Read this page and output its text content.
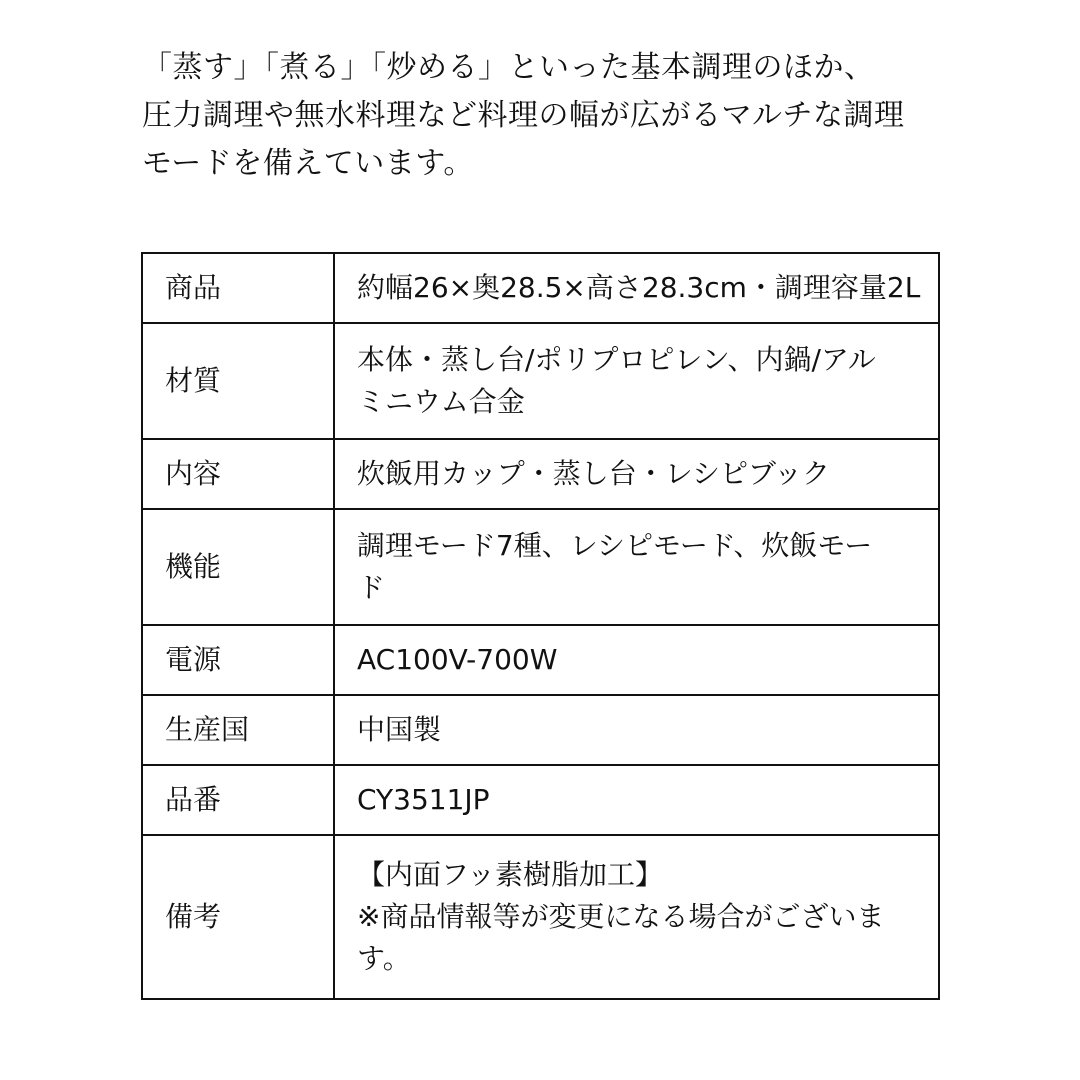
「蒸す」「煮る」「炒める」といった基本調理のほか、
圧力調理や無水料理など料理の幅が広がるマルチな調理
モードを備えています。
商品	約幅26×奥28.5×高さ28.3cm・調理容量2L

材質	本体・蒸し台/ポリプロピレン、内鍋/アル
ミニウム合金

内容	炊飯用カップ・蒸し台・レシピブック

機能	調理モード7種、レシピモード、炊飯モー
ド

電源	AC100V-700W

生産国	中国製

品番	CY3511JP

備考	【内面フッ素樹脂加工】
※商品情報等が変更になる場合がございま
す。
